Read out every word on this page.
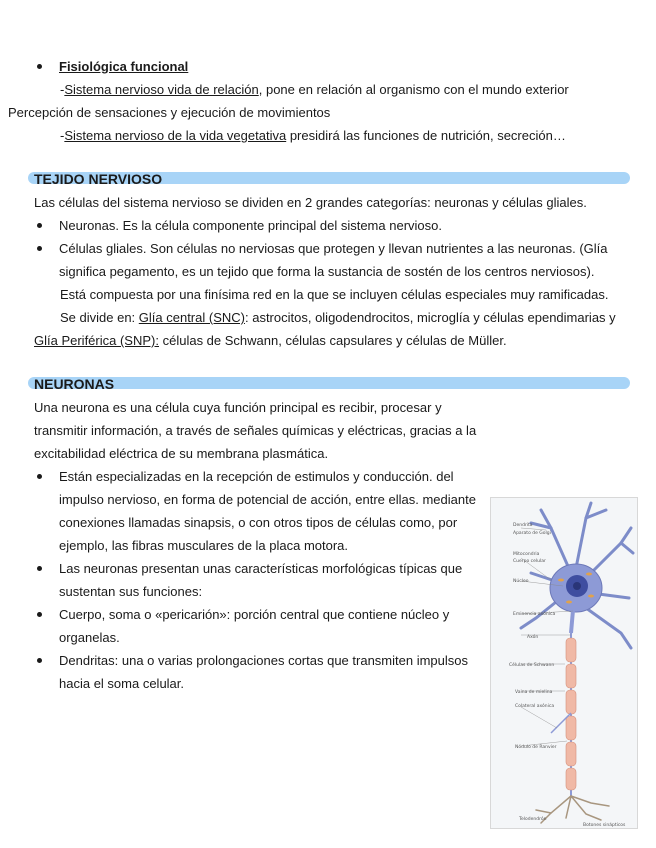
Fisiológica funcional

-Sistema nervioso vida de relación, pone en relación al organismo con el mundo exterior
Percepción de sensaciones y ejecución de movimientos

-Sistema nervioso de la vida vegetativa presidirá las funciones de nutrición, secreción…

TEJIDO NERVIOSO

Las células del sistema nervioso se dividen en 2 grandes categorías: neuronas y células gliales.

Neuronas. Es la célula componente principal del sistema nervioso.
Células gliales. Son células no nerviosas que protegen y llevan nutrientes a las neuronas. (Glía significa pegamento, es un tejido que forma la sustancia de sostén de los centros nerviosos).

Está compuesta por una finísima red en la que se incluyen células especiales muy ramificadas.

Se divide en: Glía central (SNC): astrocitos, oligodendrocitos, microglía y células ependimarias y Glía Periférica (SNP): células de Schwann, células capsulares y células de Müller.

NEURONAS

Una neurona es una célula cuya función principal es recibir, procesar y transmitir información, a través de señales químicas y eléctricas, gracias a la excitabilidad eléctrica de su membrana plasmática.

Están especializadas en la recepción de estimulos y conducción. del impulso nervioso, en forma de potencial de acción, entre ellas. mediante conexiones llamadas sinapsis, o con otros tipos de células como, por ejemplo, las fibras musculares de la placa motora.
Las neuronas presentan unas características morfológicas típicas que sustentan sus funciones:
Cuerpo, soma o «pericarión»: porción central que contiene núcleo y organelas.
Dendritas: una o varias prolongaciones cortas que transmiten impulsos hacia el soma celular.
Dendrita
Aparato de Golgi
Mitocondria
Cuerpo celular
Núcleo
Eminencia axónica
Axón
Células de Schwann
Vaina de mielina
Colateral axónica
Nódulo de Ranvier
Telodendrón
Botones sinápticos
